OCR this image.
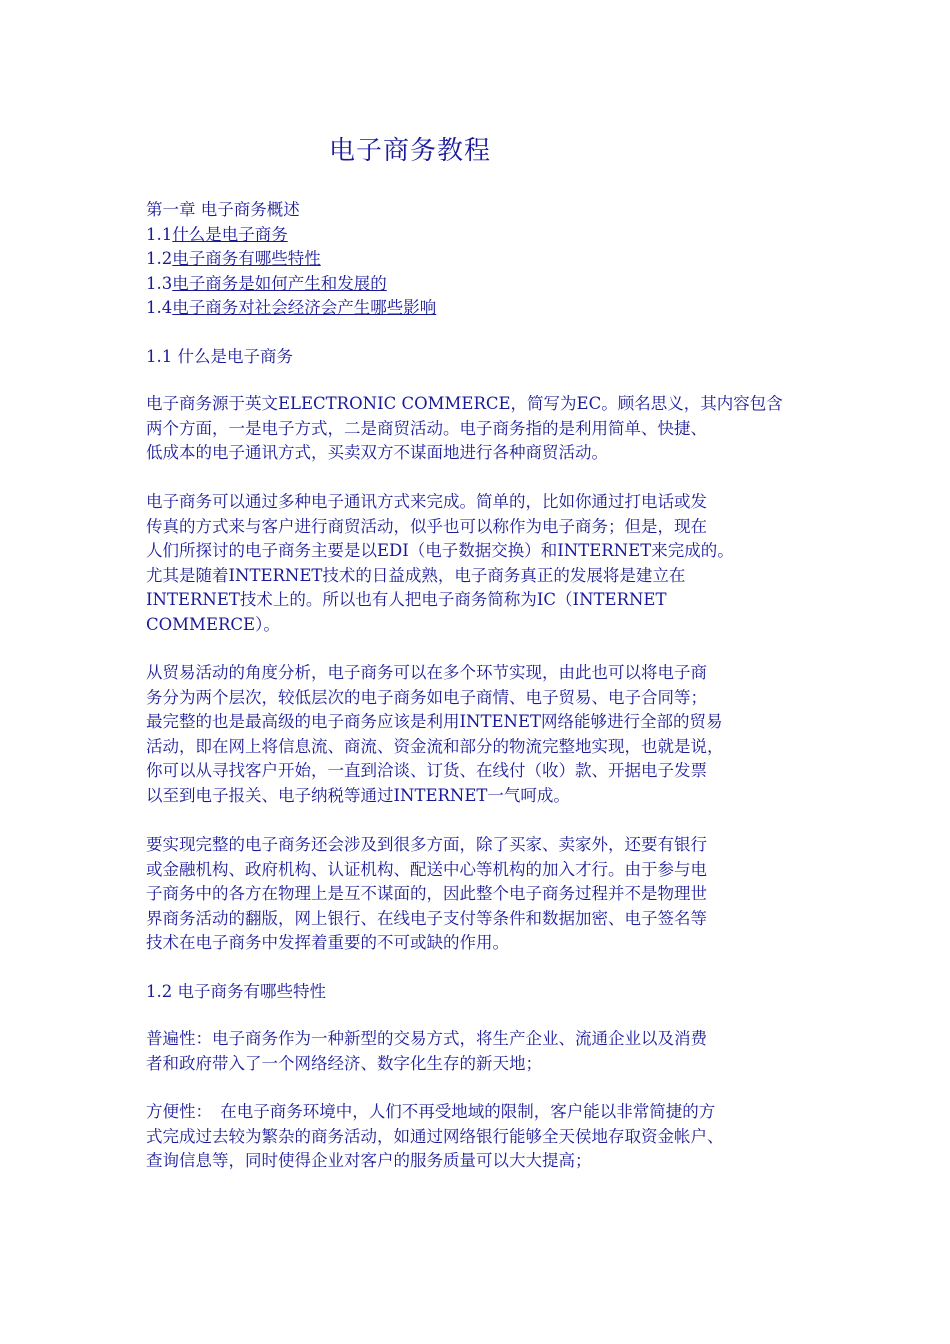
电子商务教程
第一章 电子商务概述
1.1什么是电子商务
1.2电子商务有哪些特性
1.3电子商务是如何产生和发展的
1.4电子商务对社会经济会产生哪些影响

1.1 什么是电子商务

电子商务源于英文ELECTRONIC COMMERCE，简写为EC。顾名思义，其内容包含

两个方面，一是电子方式，二是商贸活动。电子商务指的是利用简单、快捷、

低成本的电子通讯方式，买卖双方不谋面地进行各种商贸活动。

电子商务可以通过多种电子通讯方式来完成。简单的，比如你通过打电话或发

传真的方式来与客户进行商贸活动，似乎也可以称作为电子商务；但是，现在

人们所探讨的电子商务主要是以EDI（电子数据交换）和INTERNET来完成的。

尤其是随着INTERNET技术的日益成熟，电子商务真正的发展将是建立在

INTERNET技术上的。所以也有人把电子商务简称为IC（INTERNET

COMMERCE）。

从贸易活动的角度分析，电子商务可以在多个环节实现，由此也可以将电子商

务分为两个层次，较低层次的电子商务如电子商情、电子贸易、电子合同等；

最完整的也是最高级的电子商务应该是利用INTENET网络能够进行全部的贸易

活动，即在网上将信息流、商流、资金流和部分的物流完整地实现，也就是说，

你可以从寻找客户开始，一直到洽谈、订货、在线付（收）款、开据电子发票

以至到电子报关、电子纳税等通过INTERNET一气呵成。

要实现完整的电子商务还会涉及到很多方面，除了买家、卖家外，还要有银行

或金融机构、政府机构、认证机构、配送中心等机构的加入才行。由于参与电

子商务中的各方在物理上是互不谋面的，因此整个电子商务过程并不是物理世

界商务活动的翻版，网上银行、在线电子支付等条件和数据加密、电子签名等

技术在电子商务中发挥着重要的不可或缺的作用。

1.2 电子商务有哪些特性

普遍性：电子商务作为一种新型的交易方式，将生产企业、流通企业以及消费

者和政府带入了一个网络经济、数字化生存的新天地；

方便性：　在电子商务环境中，人们不再受地域的限制，客户能以非常简捷的方

式完成过去较为繁杂的商务活动，如通过网络银行能够全天侯地存取资金帐户、

查询信息等，同时使得企业对客户的服务质量可以大大提高；
